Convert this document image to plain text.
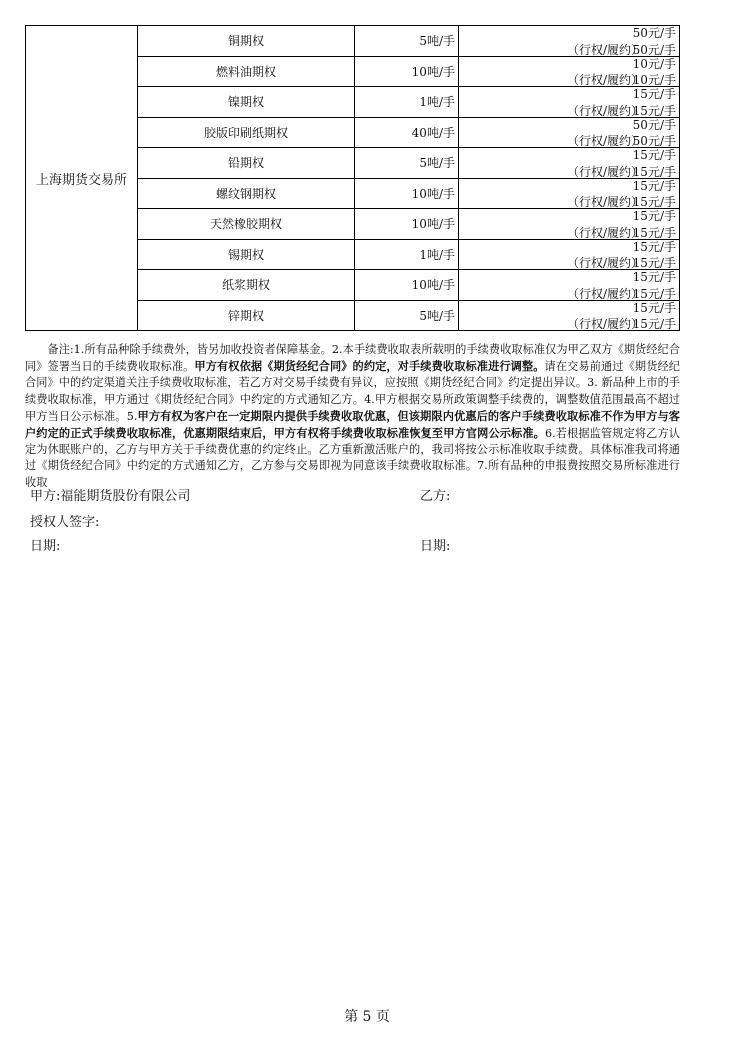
上海期货交易所	铜期权	5吨/手	50元/手
（行权/履约）
50元/手

	燃料油期权	10吨/手	10元/手
（行权/履约）
10元/手

	镍期权	1吨/手	15元/手
（行权/履约）
15元/手

	胶版印刷纸期权	40吨/手	50元/手
（行权/履约）
50元/手

	铅期权	5吨/手	15元/手
（行权/履约）
15元/手

	螺纹钢期权	10吨/手	15元/手
（行权/履约）
15元/手

	天然橡胶期权	10吨/手	15元/手
（行权/履约）
15元/手

	锡期权	1吨/手	15元/手
（行权/履约）
15元/手

	纸浆期权	10吨/手	15元/手
（行权/履约）
15元/手

	锌期权	5吨/手	15元/手
（行权/履约）
15元/手
备注:1.所有品种除手续费外，皆另加收投资者保障基金。2.本手续费收取表所载明的手续费收取标准仅为甲乙双方《期货经纪合同》签署当日的手续费收取标准。甲方有权依据《期货经纪合同》的约定，对手续费收取标准进行调整。请在交易前通过《期货经纪合同》中的约定渠道关注手续费收取标准，若乙方对交易手续费有异议，应按照《期货经纪合同》约定提出异议。3. 新品种上市的手续费收取标准，甲方通过《期货经纪合同》中约定的方式通知乙方。4.甲方根据交易所政策调整手续费的，调整数值范围最高不超过甲方当日公示标准。5.甲方有权为客户在一定期限内提供手续费收取优惠，但该期限内优惠后的客户手续费收取标准不作为甲方与客户约定的正式手续费收取标准，优惠期限结束后，甲方有权将手续费收取标准恢复至甲方官网公示标准。6.若根据监管规定将乙方认定为休眠账户的，乙方与甲方关于手续费优惠的约定终止。乙方重新激活账户的，我司将按公示标准收取手续费。具体标准我司将通过《期货经纪合同》中约定的方式通知乙方，乙方参与交易即视为同意该手续费收取标准。7.所有品种的申报费按照交易所标准进行收取
甲方:福能期货股份有限公司	乙方:
授权人签字:
日期:	日期:
第 5 页
